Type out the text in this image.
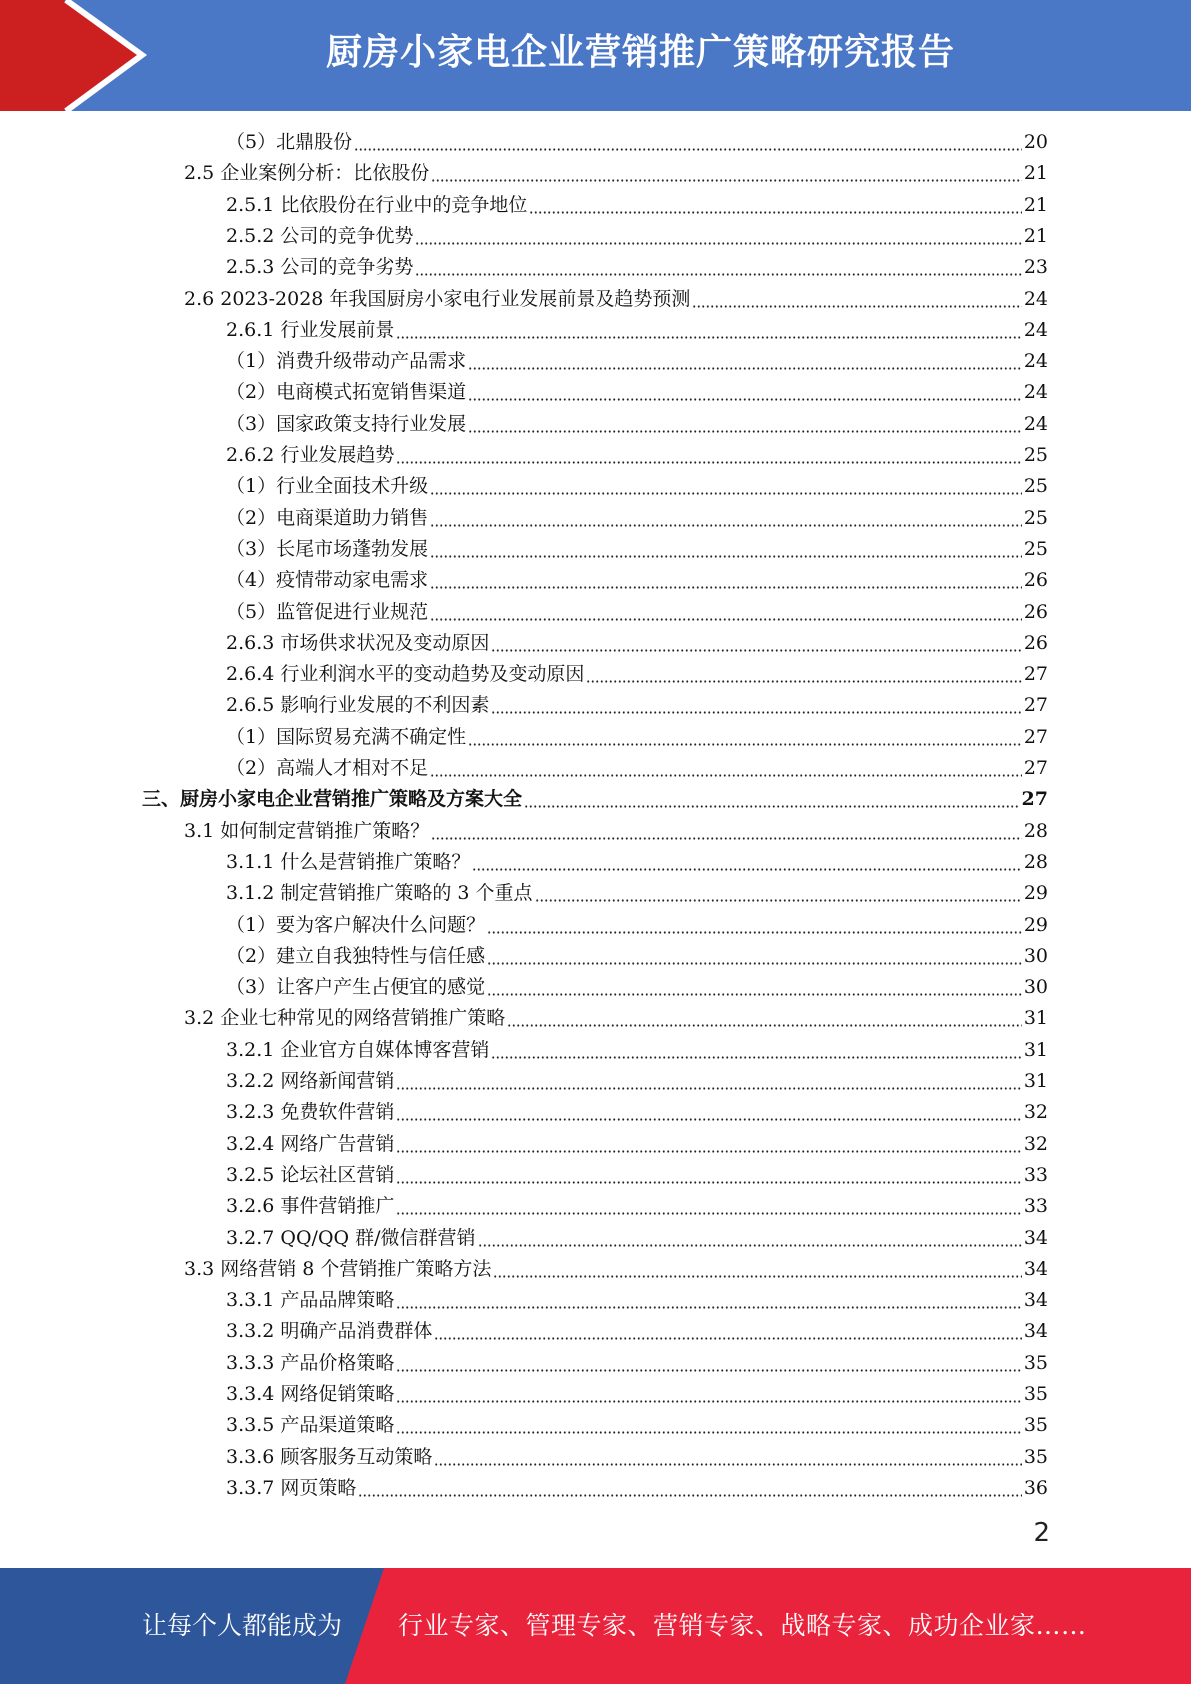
厨房小家电企业营销推广策略研究报告
（5）北鼎股份	20
2.5 企业案例分析：比依股份	21
2.5.1 比依股份在行业中的竞争地位	21
2.5.2 公司的竞争优势	21
2.5.3 公司的竞争劣势	23
2.6 2023-2028 年我国厨房小家电行业发展前景及趋势预测	24
2.6.1 行业发展前景	24
（1）消费升级带动产品需求	24
（2）电商模式拓宽销售渠道	24
（3）国家政策支持行业发展	24
2.6.2 行业发展趋势	25
（1）行业全面技术升级	25
（2）电商渠道助力销售	25
（3）长尾市场蓬勃发展	25
（4）疫情带动家电需求	26
（5）监管促进行业规范	26
2.6.3 市场供求状况及变动原因	26
2.6.4 行业利润水平的变动趋势及变动原因	27
2.6.5 影响行业发展的不利因素	27
（1）国际贸易充满不确定性	27
（2）高端人才相对不足	27
三、厨房小家电企业营销推广策略及方案大全	27
3.1 如何制定营销推广策略？	28
3.1.1 什么是营销推广策略？	28
3.1.2 制定营销推广策略的 3 个重点	29
（1）要为客户解决什么问题？	29
（2）建立自我独特性与信任感	30
（3）让客户产生占便宜的感觉	30
3.2 企业七种常见的网络营销推广策略	31
3.2.1 企业官方自媒体博客营销	31
3.2.2 网络新闻营销	31
3.2.3 免费软件营销	32
3.2.4 网络广告营销	32
3.2.5 论坛社区营销	33
3.2.6 事件营销推广	33
3.2.7 QQ/QQ 群/微信群营销	34
3.3 网络营销 8 个营销推广策略方法	34
3.3.1 产品品牌策略	34
3.3.2 明确产品消费群体	34
3.3.3 产品价格策略	35
3.3.4 网络促销策略	35
3.3.5 产品渠道策略	35
3.3.6 顾客服务互动策略	35
3.3.7 网页策略	36
2
让每个人都能成为 行业专家、管理专家、营销专家、战略专家、成功企业家……
